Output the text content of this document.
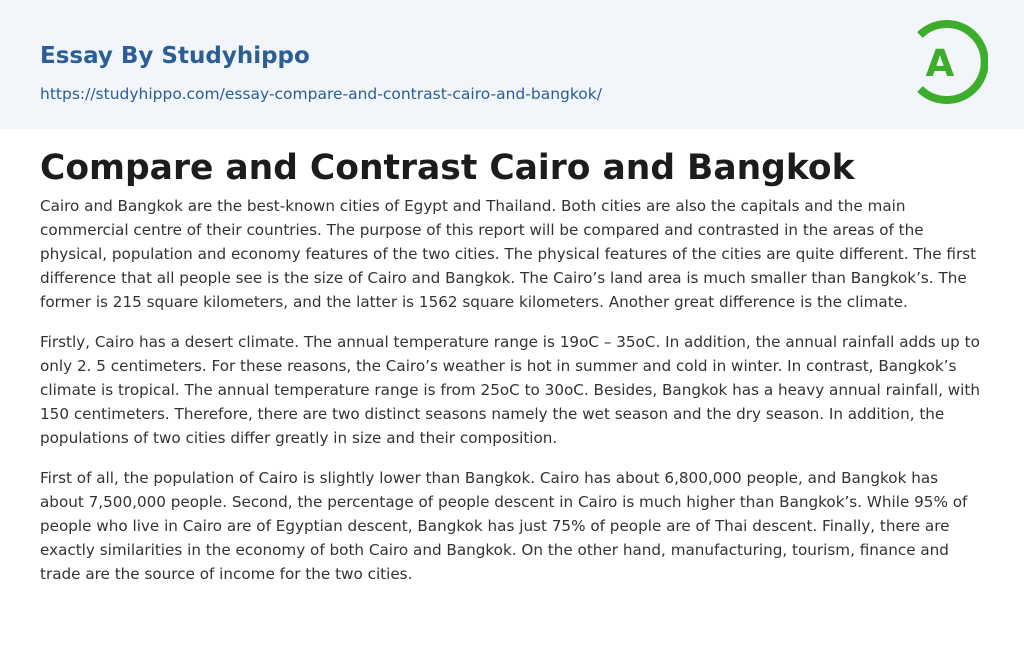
Essay By Studyhippo
https://studyhippo.com/essay-compare-and-contrast-cairo-and-bangkok/
A
Compare and Contrast Cairo and Bangkok

Cairo and Bangkok are the best-known cities of Egypt and Thailand. Both cities are also the capitals and the main commercial centre of their countries. The purpose of this report will be compared and contrasted in the areas of the physical, population and economy features of the two cities. The physical features of the cities are quite different. The first difference that all people see is the size of Cairo and Bangkok. The Cairo’s land area is much smaller than Bangkok’s. The former is 215 square kilometers, and the latter is 1562 square kilometers. Another great difference is the climate.

Firstly, Cairo has a desert climate. The annual temperature range is 19oC – 35oC. In addition, the annual rainfall adds up to only 2. 5 centimeters. For these reasons, the Cairo’s weather is hot in summer and cold in winter. In contrast, Bangkok’s climate is tropical. The annual temperature range is from 25oC to 30oC. Besides, Bangkok has a heavy annual rainfall, with 150 centimeters. Therefore, there are two distinct seasons namely the wet season and the dry season. In addition, the populations of two cities differ greatly in size and their composition.

First of all, the population of Cairo is slightly lower than Bangkok. Cairo has about 6,800,000 people, and Bangkok has about 7,500,000 people. Second, the percentage of people descent in Cairo is much higher than Bangkok’s. While 95% of people who live in Cairo are of Egyptian descent, Bangkok has just 75% of people are of Thai descent. Finally, there are exactly similarities in the economy of both Cairo and Bangkok. On the other hand, manufacturing, tourism, finance and trade are the source of income for the two cities.
